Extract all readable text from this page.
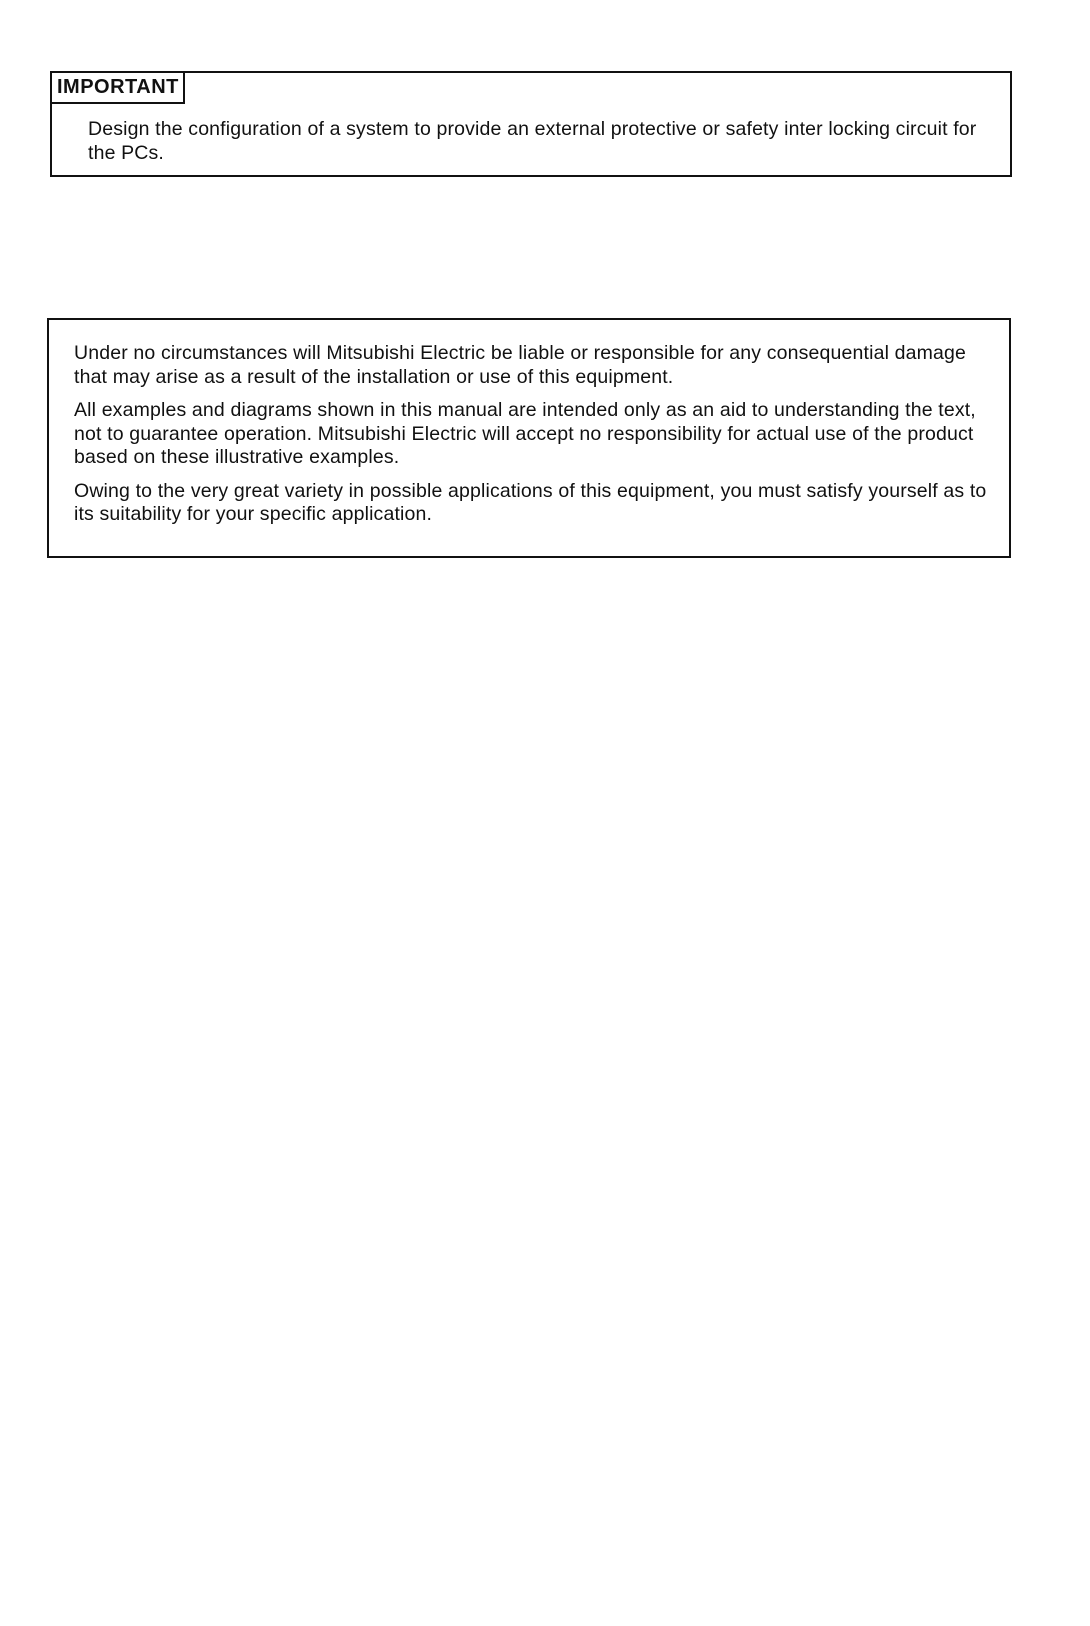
IMPORTANT

Design the configuration of a system to provide an external protective or safety inter locking circuit for the PCs.

Under no circumstances will Mitsubishi Electric be liable or responsible for any consequential damage that may arise as a result of the installation or use of this equipment.

All examples and diagrams shown in this manual are intended only as an aid to understanding the text, not to guarantee operation. Mitsubishi Electric will accept no responsibility for actual use of the product based on these illustrative examples.

Owing to the very great variety in possible applications of this equipment, you must satisfy yourself as to its suitability for your specific application.
